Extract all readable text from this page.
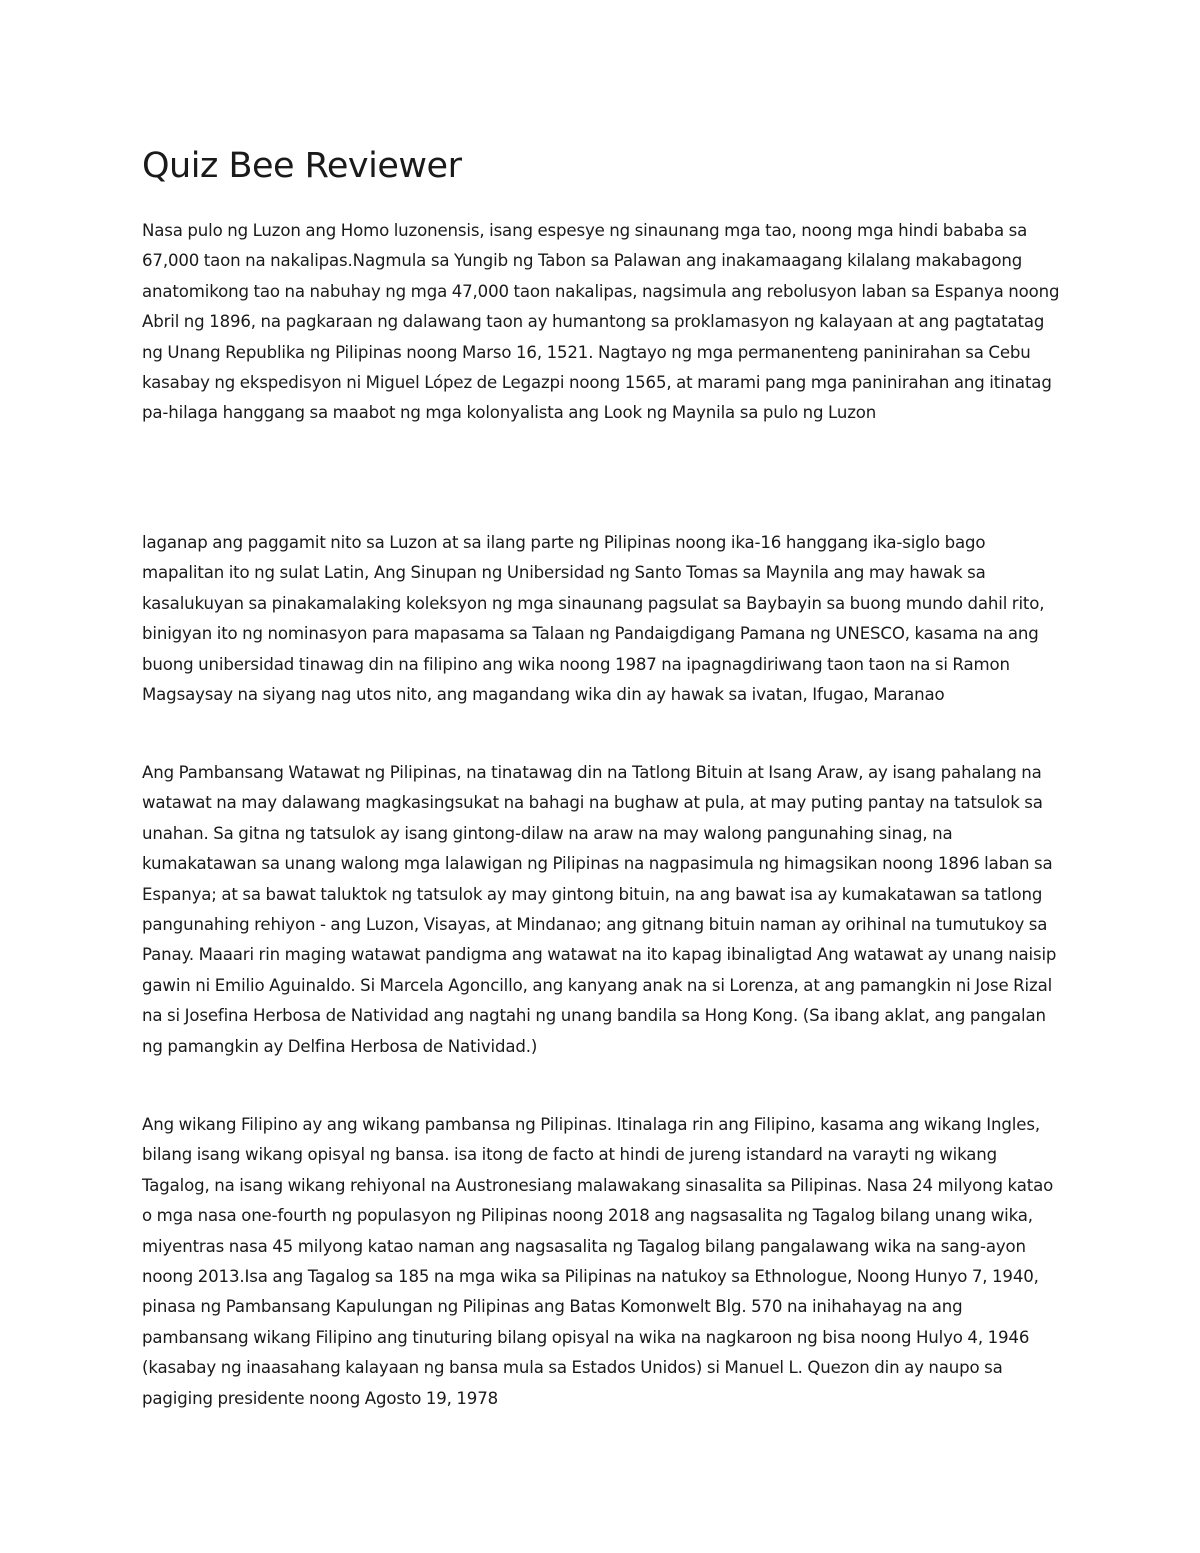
Quiz Bee Reviewer

Nasa pulo ng Luzon ang Homo luzonensis, isang espesye ng sinaunang mga tao, noong mga hindi bababa sa 67,000 taon na nakalipas.Nagmula sa Yungib ng Tabon sa Palawan ang inakamaagang kilalang makabagong anatomikong tao na nabuhay ng mga 47,000 taon nakalipas, nagsimula ang rebolusyon laban sa Espanya noong Abril ng 1896, na pagkaraan ng dalawang taon ay humantong sa proklamasyon ng kalayaan at ang pagtatatag ng Unang Republika ng Pilipinas noong Marso 16, 1521. Nagtayo ng mga permanenteng paninirahan sa Cebu kasabay ng ekspedisyon ni Miguel López de Legazpi noong 1565, at marami pang mga paninirahan ang itinatag pa-hilaga hanggang sa maabot ng mga kolonyalista ang Look ng Maynila sa pulo ng Luzon

laganap ang paggamit nito sa Luzon at sa ilang parte ng Pilipinas noong ika-16 hanggang ika-siglo bago mapalitan ito ng sulat Latin, Ang Sinupan ng Unibersidad ng Santo Tomas sa Maynila ang may hawak sa kasalukuyan sa pinakamalaking koleksyon ng mga sinaunang pagsulat sa Baybayin sa buong mundo dahil rito, binigyan ito ng nominasyon para mapasama sa Talaan ng Pandaigdigang Pamana ng UNESCO, kasama na ang buong unibersidad tinawag din na filipino ang wika noong 1987 na ipagnagdiriwang taon taon na si Ramon Magsaysay na siyang nag utos nito, ang magandang wika din ay hawak sa ivatan, Ifugao, Maranao

Ang Pambansang Watawat ng Pilipinas, na tinatawag din na Tatlong Bituin at Isang Araw, ay isang pahalang na watawat na may dalawang magkasingsukat na bahagi na bughaw at pula, at may puting pantay na tatsulok sa unahan. Sa gitna ng tatsulok ay isang gintong-dilaw na araw na may walong pangunahing sinag, na kumakatawan sa unang walong mga lalawigan ng Pilipinas na nagpasimula ng himagsikan noong 1896 laban sa Espanya; at sa bawat taluktok ng tatsulok ay may gintong bituin, na ang bawat isa ay kumakatawan sa tatlong pangunahing rehiyon - ang Luzon, Visayas, at Mindanao; ang gitnang bituin naman ay orihinal na tumutukoy sa Panay. Maaari rin maging watawat pandigma ang watawat na ito kapag ibinaligtad Ang watawat ay unang naisip gawin ni Emilio Aguinaldo. Si Marcela Agoncillo, ang kanyang anak na si Lorenza, at ang pamangkin ni Jose Rizal na si Josefina Herbosa de Natividad ang nagtahi ng unang bandila sa Hong Kong. (Sa ibang aklat, ang pangalan ng pamangkin ay Delfina Herbosa de Natividad.)

Ang wikang Filipino ay ang wikang pambansa ng Pilipinas. Itinalaga rin ang Filipino, kasama ang wikang Ingles, bilang isang wikang opisyal ng bansa. isa itong de facto at hindi de jureng istandard na varayti ng wikang Tagalog, na isang wikang rehiyonal na Austronesiang malawakang sinasalita sa Pilipinas. Nasa 24 milyong katao o mga nasa one-fourth ng populasyon ng Pilipinas noong 2018 ang nagsasalita ng Tagalog bilang unang wika, miyentras nasa 45 milyong katao naman ang nagsasalita ng Tagalog bilang pangalawang wika na sang-ayon noong 2013.Isa ang Tagalog sa 185 na mga wika sa Pilipinas na natukoy sa Ethnologue, Noong Hunyo 7, 1940, pinasa ng Pambansang Kapulungan ng Pilipinas ang Batas Komonwelt Blg. 570 na inihahayag na ang pambansang wikang Filipino ang tinuturing bilang opisyal na wika na nagkaroon ng bisa noong Hulyo 4, 1946 (kasabay ng inaasahang kalayaan ng bansa mula sa Estados Unidos) si Manuel L. Quezon din ay naupo sa pagiging presidente noong Agosto 19, 1978
